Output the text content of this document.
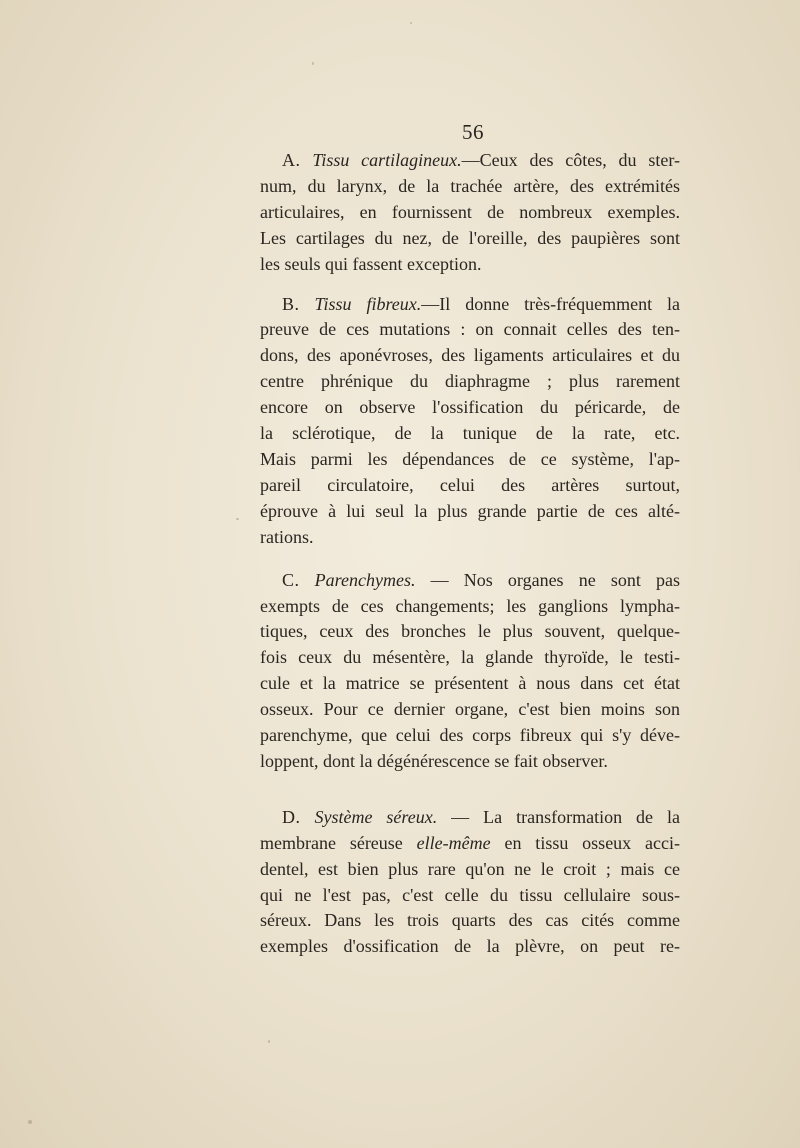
56

A. Tissu cartilagineux.—Ceux des côtes, du ster-
num, du larynx, de la trachée artère, des extrémités
articulaires, en fournissent de nombreux exemples.
Les cartilages du nez, de l'oreille, des paupières sont
les seuls qui fassent exception.

B. Tissu fibreux.—Il donne très-fréquemment la
preuve de ces mutations : on connait celles des ten-
dons, des aponévroses, des ligaments articulaires et du
centre phrénique du diaphragme ; plus rarement
encore on observe l'ossification du péricarde, de
la sclérotique, de la tunique de la rate, etc.
Mais parmi les dépendances de ce système, l'ap-
pareil circulatoire, celui des artères surtout,
éprouve à lui seul la plus grande partie de ces alté-
rations.

C. Parenchymes. — Nos organes ne sont pas
exempts de ces changements; les ganglions lympha-
tiques, ceux des bronches le plus souvent, quelque-
fois ceux du mésentère, la glande thyroïde, le testi-
cule et la matrice se présentent à nous dans cet état
osseux. Pour ce dernier organe, c'est bien moins son
parenchyme, que celui des corps fibreux qui s'y déve-
loppent, dont la dégénérescence se fait observer.

D. Système séreux. — La transformation de la
membrane séreuse elle-même en tissu osseux acci-
dentel, est bien plus rare qu'on ne le croit ; mais ce
qui ne l'est pas, c'est celle du tissu cellulaire sous-
séreux. Dans les trois quarts des cas cités comme
exemples d'ossification de la plèvre, on peut re-
